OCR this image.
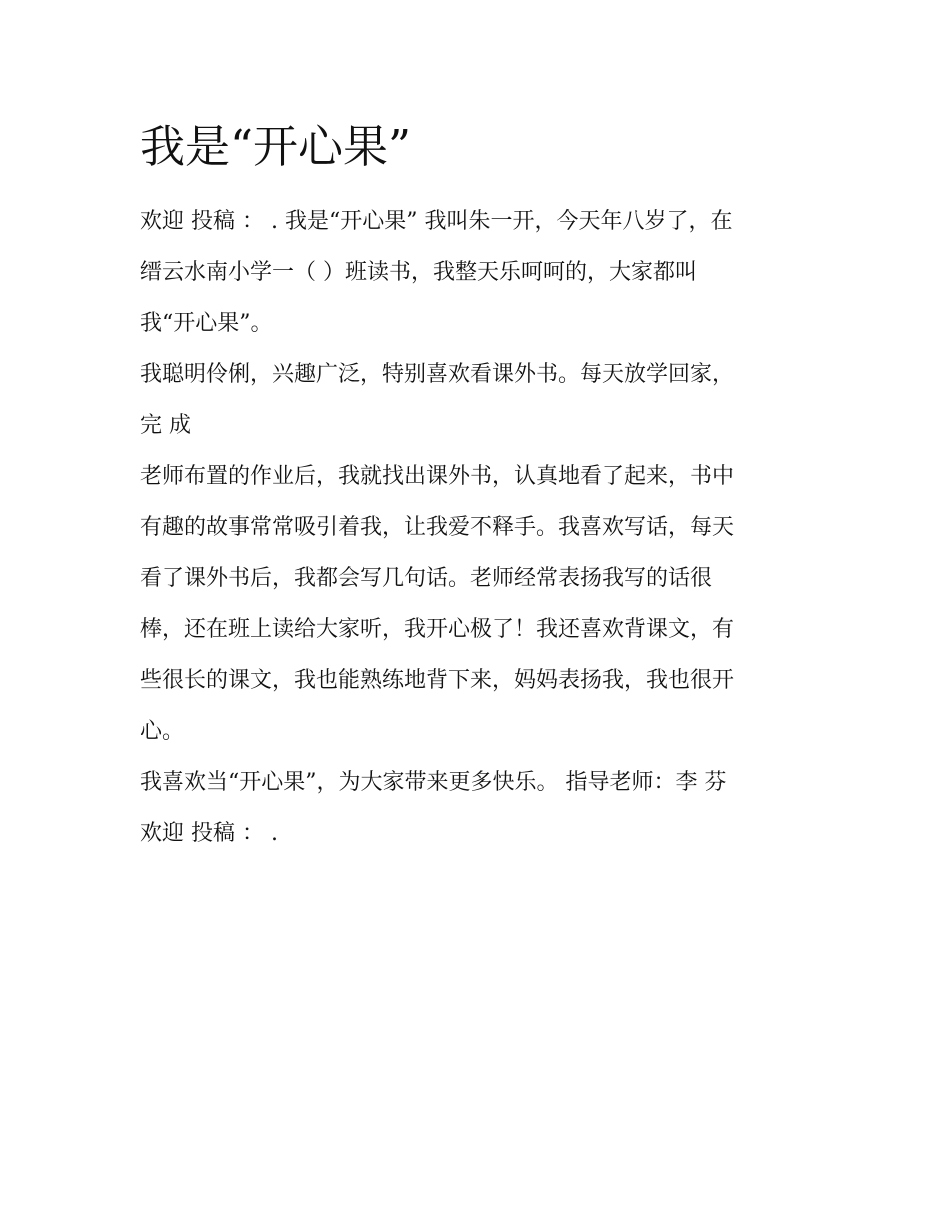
我是“开心果”

欢迎 投稿 ： . 我是“开心果” 我叫朱一开，今天年八岁了，在

缙云水南小学一（ ）班读书，我整天乐呵呵的，大家都叫

我“开心果”。

我聪明伶俐，兴趣广泛，特别喜欢看课外书。每天放学回家，

完 成

老师布置的作业后，我就找出课外书，认真地看了起来，书中

有趣的故事常常吸引着我，让我爱不释手。我喜欢写话，每天

看了课外书后，我都会写几句话。老师经常表扬我写的话很

棒，还在班上读给大家听，我开心极了！我还喜欢背课文，有

些很长的课文，我也能熟练地背下来，妈妈表扬我，我也很开

心。

我喜欢当“开心果”，为大家带来更多快乐。 指导老师：李 芬

欢迎 投稿 ： .
